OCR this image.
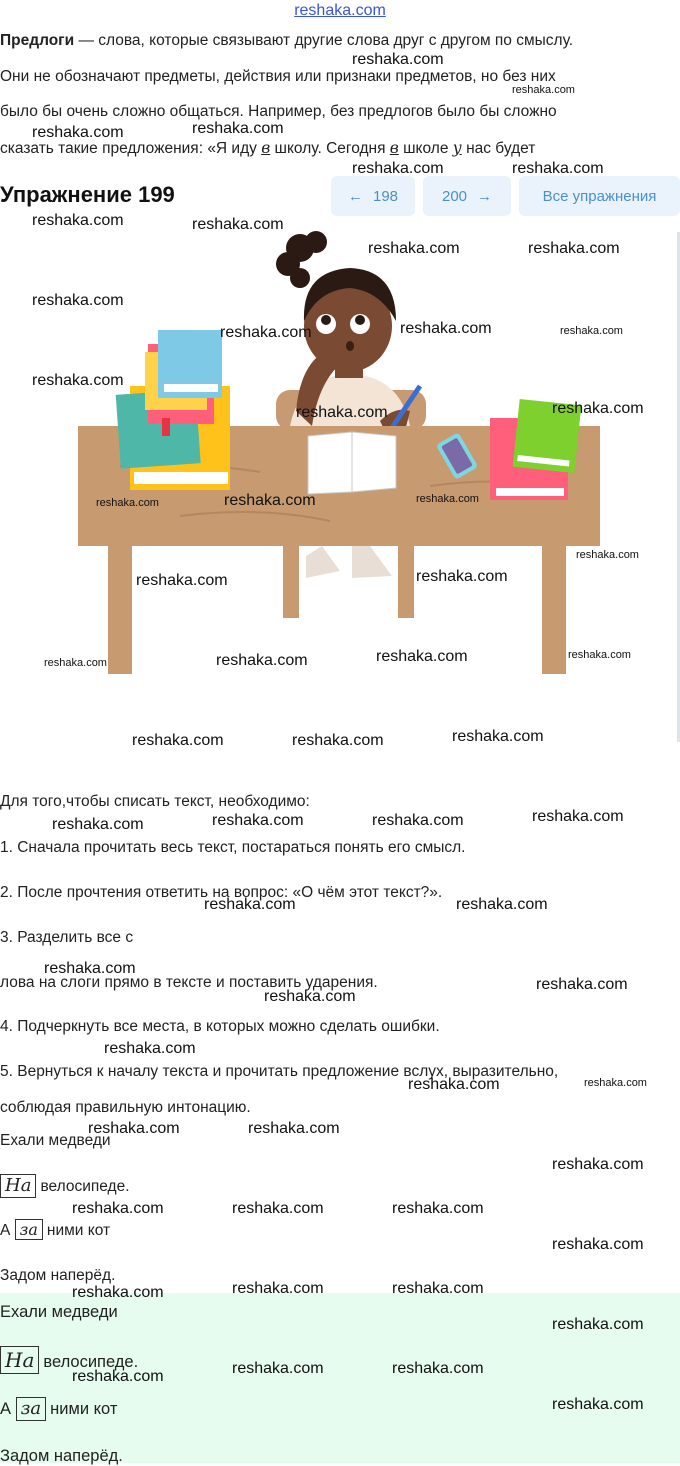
reshaka.com
Предлоги — слова, которые связывают другие слова друг с другом по смыслу.
Они не обозначают предметы, действия или признаки предметов, но без них
было бы очень сложно общаться. Например, без предлогов было бы сложно
сказать такие предложения: «Я иду в школу. Сегодня в школе у нас будет
Упражнение 199	← 198	200 →	Все упражнения
Для того,чтобы списать текст, необходимо:
1. Сначала прочитать весь текст, постараться понять его смысл.
2. После прочтения ответить на вопрос: «О чём этот текст?».
3. Разделить все с
лова на слоги прямо в тексте и поставить ударения.
4. Подчеркнуть все места, в которых можно сделать ошибки.
5. Вернуться к началу текста и прочитать предложение вслух, выразительно,
соблюдая правильную интонацию.
Ехали медведи
На велосипеде.
А за ними кот
Задом наперёд.
Ехали медведи
На велосипеде.
А за ними кот
Задом наперёд.
reshaka.com
reshaka.com
reshaka.com	reshaka.com
reshaka.com	reshaka.com
reshaka.com	reshaka.com
reshaka.com	reshaka.com
reshaka.com
reshaka.com	reshaka.com	reshaka.com
reshaka.com
reshaka.com	reshaka.com
reshaka.com	reshaka.com	reshaka.com
reshaka.com
reshaka.com	reshaka.com
reshaka.com	reshaka.com	reshaka.com	reshaka.com
reshaka.com	reshaka.com	reshaka.com
reshaka.com	reshaka.com	reshaka.com	reshaka.com
reshaka.com	reshaka.com
reshaka.com
reshaka.com
reshaka.com
reshaka.com
reshaka.com	reshaka.com
reshaka.com	reshaka.com
reshaka.com
reshaka.com	reshaka.com	reshaka.com
reshaka.com
reshaka.com	reshaka.com	reshaka.com
reshaka.com
reshaka.com	reshaka.com
reshaka.com
reshaka.com
